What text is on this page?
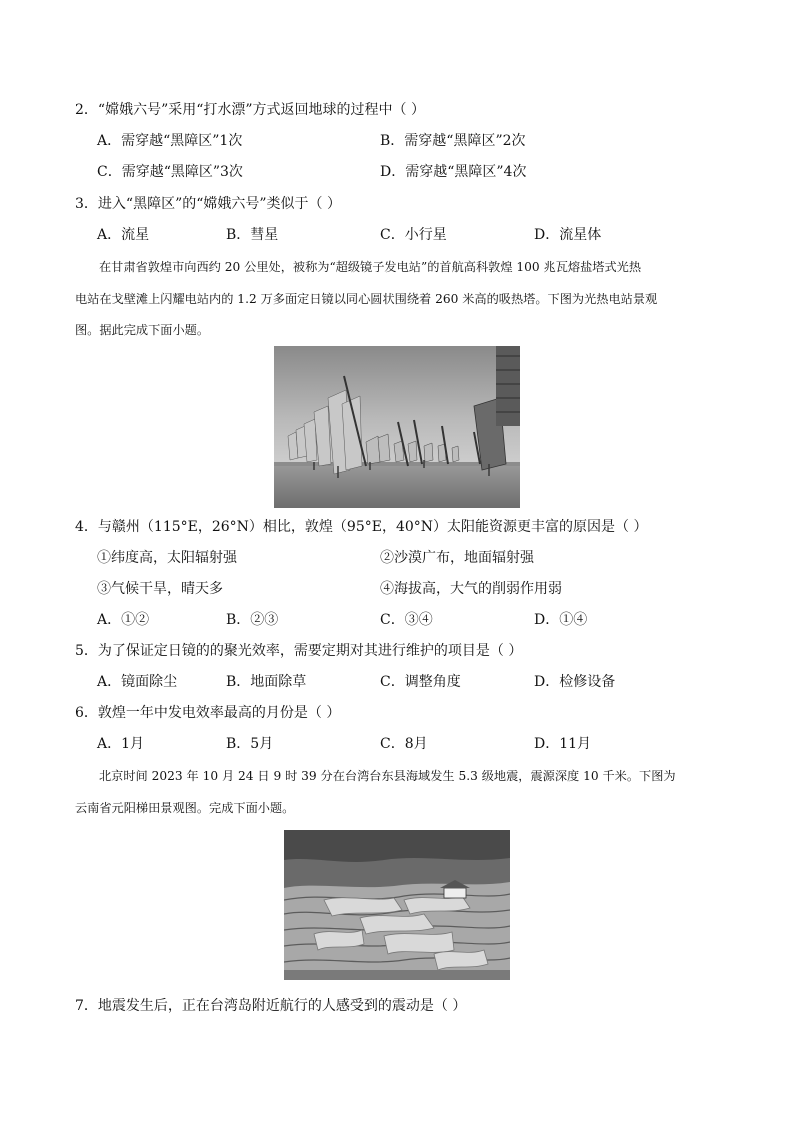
2．“嫦娥六号”采用“打水漂”方式返回地球的过程中（ ）
A．需穿越“黑障区”1次	B．需穿越“黑障区”2次
C．需穿越“黑障区”3次	D．需穿越“黑障区”4次
3．进入“黑障区”的“嫦娥六号”类似于（ ）
A．流星	B．彗星	C．小行星	D．流星体
在甘肃省敦煌市向西约 20 公里处，被称为“超级镜子发电站”的首航高科敦煌 100 兆瓦熔盐塔式光热
电站在戈壁滩上闪耀电站内的 1.2 万多面定日镜以同心圆状围绕着 260 米高的吸热塔。下图为光热电站景观
图。据此完成下面小题。
4．与赣州（115°E，26°N）相比，敦煌（95°E，40°N）太阳能资源更丰富的原因是（ ）
①纬度高，太阳辐射强	②沙漠广布，地面辐射强
③气候干旱，晴天多	④海拔高，大气的削弱作用弱
A．①②	B．②③	C．③④	D．①④
5．为了保证定日镜的的聚光效率，需要定期对其进行维护的项目是（ ）
A．镜面除尘	B．地面除草	C．调整角度	D．检修设备
6．敦煌一年中发电效率最高的月份是（ ）
A．1月	B．5月	C．8月	D．11月
北京时间 2023 年 10 月 24 日 9 时 39 分在台湾台东县海域发生 5.3 级地震，震源深度 10 千米。下图为
云南省元阳梯田景观图。完成下面小题。
7．地震发生后，正在台湾岛附近航行的人感受到的震动是（ ）
